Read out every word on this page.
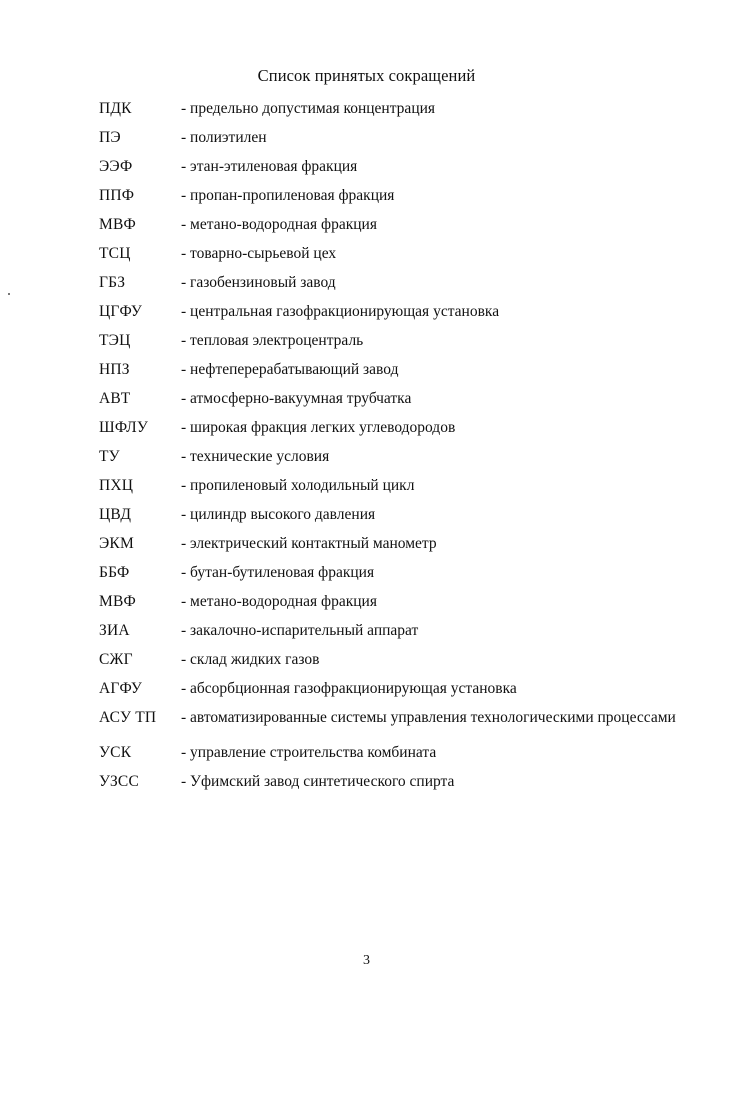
Список принятых сокращений
ПДК	- предельно допустимая концентрация
ПЭ	- полиэтилен
ЭЭФ	- этан-этиленовая фракция
ППФ	- пропан-пропиленовая фракция
МВФ	- метано-водородная фракция
ТСЦ	- товарно-сырьевой цех
ГБЗ	- газобензиновый завод
ЦГФУ	- центральная газофракционирующая установка
ТЭЦ	- тепловая электроцентраль
НПЗ	- нефтеперерабатывающий завод
АВТ	- атмосферно-вакуумная трубчатка
ШФЛУ	- широкая фракция легких углеводородов
ТУ	- технические условия
ПХЦ	- пропиленовый холодильный цикл
ЦВД	- цилиндр высокого давления
ЭКМ	- электрический контактный манометр
ББФ	- бутан-бутиленовая фракция
МВФ	- метано-водородная фракция
ЗИА	- закалочно-испарительный аппарат
СЖГ	- склад жидких газов
АГФУ	- абсорбционная газофракционирующая установка
АСУ ТП	- автоматизированные системы управления технологическими процессами
УСК	- управление строительства комбината
УЗСС	- Уфимский завод синтетического спирта
3
